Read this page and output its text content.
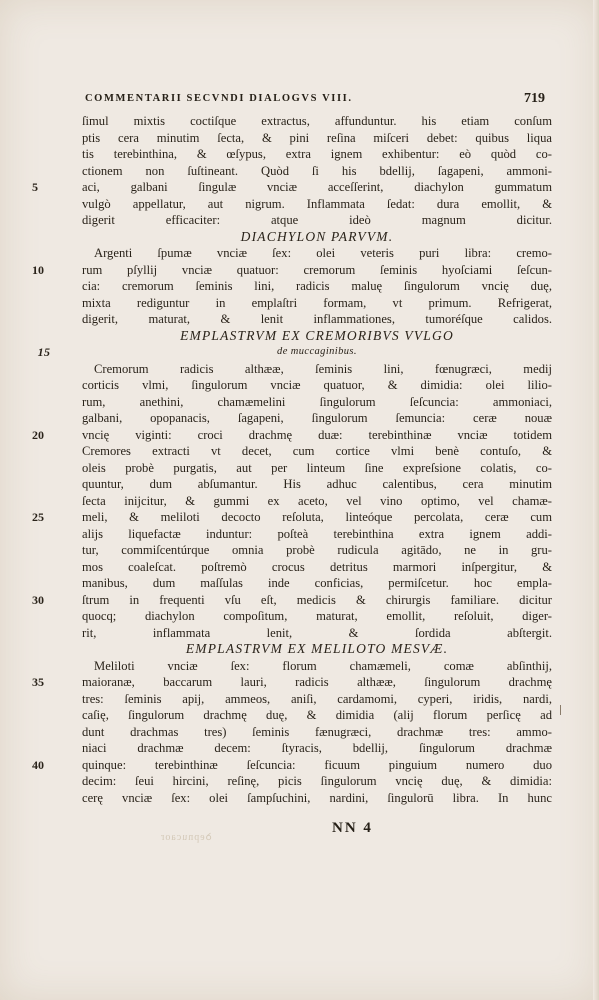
COMMENTARII SECVNDI DIALOGVS VIII.	719
ſimul mixtis coctiſque extractus, affunduntur. his etiam conſum
ptis cera minutim ſecta, & pini reſina miſceri debet: quibus liqua
tis terebinthina, & œſypus, extra ignem exhibentur: eò quòd co-
ctionem non ſuſtineant. Quòd ſi his bdellij, ſagapeni, ammoni-
aci, galbani ſingulæ vnciæ acceſſerint, diachylon gummatum
5
vulgò appellatur, aut nigrum. Inflammata ſedat: dura emollit, &
digerit efficaciter: atque ideò magnum dicitur.
DIACHYLON PARVVM.
Argenti ſpumæ vnciæ ſex: olei veteris puri libra: cremo-
rum pſyllij vnciæ quatuor: cremorum ſeminis hyoſciami ſeſcun-
10
cia: cremorum ſeminis lini, radicis maluę ſingulorum vncię duę,
mixta rediguntur in emplaſtri formam, vt primum. Refrigerat,
digerit, maturat, & lenit inflammationes, tumoréſque calidos.
EMPLASTRVM EX CREMORIBVS VVLGO
de muccaginibus.
15
Cremorum radicis althææ, ſeminis lini, fœnugræci, medij
corticis vlmi, ſingulorum vnciæ quatuor, & dimidia: olei lilio-
rum, anethini, chamæmelini ſingulorum ſeſcuncia: ammoniaci,
galbani, opopanacis, ſagapeni, ſingulorum ſemuncia: ceræ nouæ
vncię viginti: croci drachmę duæ: terebinthinæ vnciæ totidem
20
Cremores extracti vt decet, cum cortice vlmi benè contuſo, &
oleis probè purgatis, aut per linteum ſine expreſsione colatis, co-
quuntur, dum abſumantur. His adhuc calentibus, cera minutim
ſecta inijcitur, & gummi ex aceto, vel vino optimo, vel chamæ-
meli, & meliloti decocto reſoluta, linteóque percolata, ceræ cum
25
alijs liquefactæ induntur: poſteà terebinthina extra ignem addi-
tur, commiſcentúrque omnia probè rudicula agitādo, ne in gru-
mos coaleſcat. poſtremò crocus detritus marmori inſpergitur, &
manibus, dum maſſulas inde conficias, permiſcetur. hoc empla-
ſtrum in frequenti vſu eſt, medicis & chirurgis familiare. dicitur
30
quocq; diachylon compoſitum, maturat, emollit, reſoluit, diger-
rit, inflammata lenit, & ſordida abſtergit.
EMPLASTRVM EX MELILOTO MESVÆ.
Meliloti vnciæ ſex: florum chamæmeli, comæ abſinthij,
maioranæ, baccarum lauri, radicis althææ, ſingulorum drachmę
35
tres: ſeminis apij, ammeos, aniſi, cardamomi, cyperi, iridis, nardi,
caſię, ſingulorum drachmę duę, & dimidia (alij florum perſicę ad
dunt drachmas tres) ſeminis fænugræci, drachmæ tres: ammo-
niaci drachmæ decem: ſtyracis, bdellij, ſingulorum drachmæ
quinque: terebinthinæ ſeſcuncia: ficuum pinguium numero duo
40
decim: ſeui hircini, reſinę, picis ſingulorum vncię duę, & dimidia:
cerę vnciæ ſex: olei ſampſuchini, nardini, ſingulorū libra. In hunc
ꝺepnucaor
NN 4
